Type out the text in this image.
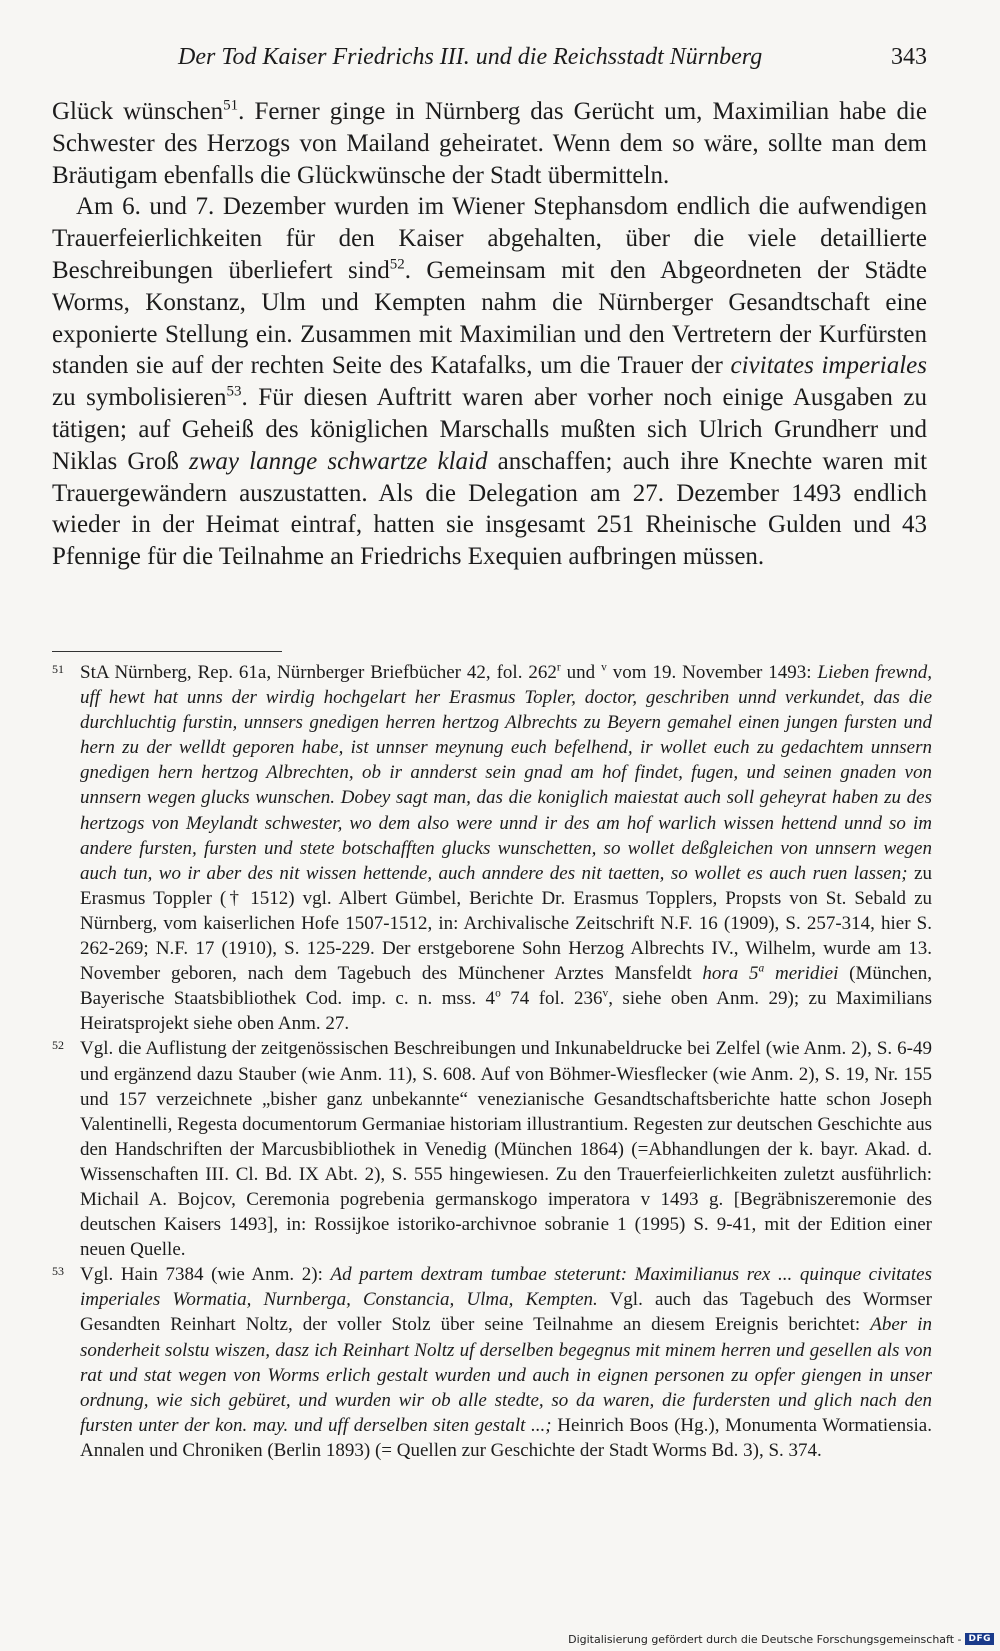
Der Tod Kaiser Friedrichs III. und die Reichsstadt Nürnberg	343

Glück wünschen$^{51}$. Ferner ginge in Nürnberg das Gerücht um, Maximilian habe die Schwester des Herzogs von Mailand geheiratet. Wenn dem so wäre, sollte man dem Bräutigam ebenfalls die Glückwünsche der Stadt übermitteln.

Am 6. und 7. Dezember wurden im Wiener Stephansdom endlich die aufwendigen Trauerfeierlichkeiten für den Kaiser abgehalten, über die viele detaillierte Beschreibungen überliefert sind$^{52}$. Gemeinsam mit den Abgeordneten der Städte Worms, Konstanz, Ulm und Kempten nahm die Nürnberger Gesandtschaft eine exponierte Stellung ein. Zusammen mit Maximilian und den Vertretern der Kurfürsten standen sie auf der rechten Seite des Katafalks, um die Trauer der civitates imperiales zu symbolisieren$^{53}$. Für diesen Auftritt waren aber vorher noch einige Ausgaben zu tätigen; auf Geheiß des königlichen Marschalls mußten sich Ulrich Grundherr und Niklas Groß zway lannge schwartze klaid anschaffen; auch ihre Knechte waren mit Trauergewändern auszustatten. Als die Delegation am 27. Dezember 1493 endlich wieder in der Heimat eintraf, hatten sie insgesamt 251 Rheinische Gulden und 43 Pfennige für die Teilnahme an Friedrichs Exequien aufbringen müssen.

51 StA Nürnberg, Rep. 61a, Nürnberger Briefbücher 42, fol. 262$^r$ und $^v$ vom 19. November 1493: Lieben frewnd, uff hewt hat unns der wirdig hochgelart her Erasmus Topler, doctor, geschriben unnd verkundet, das die durchluchtig furstin, unnsers gnedigen herren hertzog Albrechts zu Beyern gemahel einen jungen fursten und hern zu der welldt geporen habe, ist unnser meynung euch befelhend, ir wollet euch zu gedachtem unnsern gnedigen hern hertzog Albrechten, ob ir annderst sein gnad am hof findet, fugen, und seinen gnaden von unnsern wegen glucks wunschen. Dobey sagt man, das die koniglich maiestat auch soll geheyrat haben zu des hertzogs von Meylandt schwester, wo dem also were unnd ir des am hof warlich wissen hettend unnd so im andere fursten, fursten und stete botschafften glucks wunschetten, so wollet deßgleichen von unnsern wegen auch tun, wo ir aber des nit wissen hettende, auch anndere des nit taetten, so wollet es auch ruen lassen; zu Erasmus Toppler († 1512) vgl. Albert Gümbel, Berichte Dr. Erasmus Topplers, Propsts von St. Sebald zu Nürnberg, vom kaiserlichen Hofe 1507-1512, in: Archivalische Zeitschrift N.F. 16 (1909), S. 257-314, hier S. 262-269; N.F. 17 (1910), S. 125-229. Der erstgeborene Sohn Herzog Albrechts IV., Wilhelm, wurde am 13. November geboren, nach dem Tagebuch des Münchener Arztes Mansfeldt hora 5$^a$ meridiei (München, Bayerische Staatsbibliothek Cod. imp. c. n. mss. 4$^o$ 74 fol. 236$^v$, siehe oben Anm. 29); zu Maximilians Heiratsprojekt siehe oben Anm. 27.

52 Vgl. die Auflistung der zeitgenössischen Beschreibungen und Inkunabeldrucke bei Zelfel (wie Anm. 2), S. 6-49 und ergänzend dazu Stauber (wie Anm. 11), S. 608. Auf von Böhmer-Wiesflecker (wie Anm. 2), S. 19, Nr. 155 und 157 verzeichnete „bisher ganz unbekannte“ venezianische Gesandtschaftsberichte hatte schon Joseph Valentinelli, Regesta documentorum Germaniae historiam illustrantium. Regesten zur deutschen Geschichte aus den Handschriften der Marcusbibliothek in Venedig (München 1864) (=Abhandlungen der k. bayr. Akad. d. Wissenschaften III. Cl. Bd. IX Abt. 2), S. 555 hingewiesen. Zu den Trauerfeierlichkeiten zuletzt ausführlich: Michail A. Bojcov, Ceremonia pogrebenia germanskogo imperatora v 1493 g. [Begräbniszeremonie des deutschen Kaisers 1493], in: Rossijkoe istoriko-archivnoe sobranie 1 (1995) S. 9-41, mit der Edition einer neuen Quelle.

53 Vgl. Hain 7384 (wie Anm. 2): Ad partem dextram tumbae steterunt: Maximilianus rex ... quinque civitates imperiales Wormatia, Nurnberga, Constancia, Ulma, Kempten. Vgl. auch das Tagebuch des Wormser Gesandten Reinhart Noltz, der voller Stolz über seine Teilnahme an diesem Ereignis berichtet: Aber in sonderheit solstu wiszen, dasz ich Reinhart Noltz uf derselben begegnus mit minem herren und gesellen als von rat und stat wegen von Worms erlich gestalt wurden und auch in eignen personen zu opfer giengen in unser ordnung, wie sich gebüret, und wurden wir ob alle stedte, so da waren, die furdersten und glich nach den fursten unter der kon. may. und uff derselben siten gestalt ...; Heinrich Boos (Hg.), Monumenta Wormatiensia. Annalen und Chroniken (Berlin 1893) (= Quellen zur Geschichte der Stadt Worms Bd. 3), S. 374.

Digitalisierung gefördert durch die Deutsche Forschungsgemeinschaft - DFG
